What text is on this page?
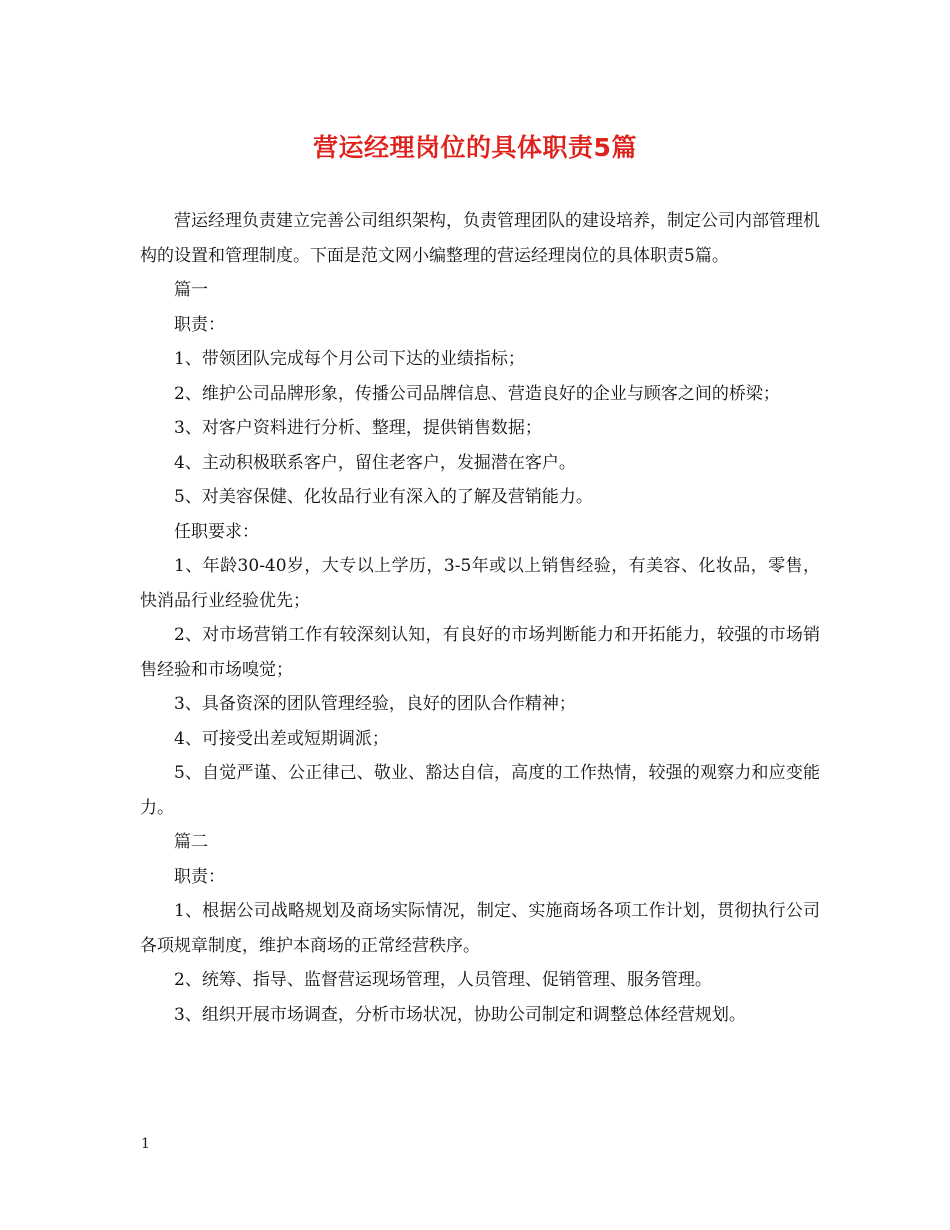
营运经理岗位的具体职责5篇

营运经理负责建立完善公司组织架构，负责管理团队的建设培养，制定公司内部管理机构的设置和管理制度。下面是范文网小编整理的营运经理岗位的具体职责5篇。

篇一

职责：

1、带领团队完成每个月公司下达的业绩指标；

2、维护公司品牌形象，传播公司品牌信息、营造良好的企业与顾客之间的桥梁；

3、对客户资料进行分析、整理，提供销售数据；

4、主动积极联系客户，留住老客户，发掘潜在客户。

5、对美容保健、化妆品行业有深入的了解及营销能力。

任职要求：

1、年龄30-40岁，大专以上学历，3-5年或以上销售经验，有美容、化妆品，零售，快消品行业经验优先；

2、对市场营销工作有较深刻认知，有良好的市场判断能力和开拓能力，较强的市场销售经验和市场嗅觉；

3、具备资深的团队管理经验，良好的团队合作精神；

4、可接受出差或短期调派；

5、自觉严谨、公正律己、敬业、豁达自信，高度的工作热情，较强的观察力和应变能力。

篇二

职责：

1、根据公司战略规划及商场实际情况，制定、实施商场各项工作计划，贯彻执行公司各项规章制度，维护本商场的正常经营秩序。

2、统筹、指导、监督营运现场管理，人员管理、促销管理、服务管理。

3、组织开展市场调查，分析市场状况，协助公司制定和调整总体经营规划。

1
